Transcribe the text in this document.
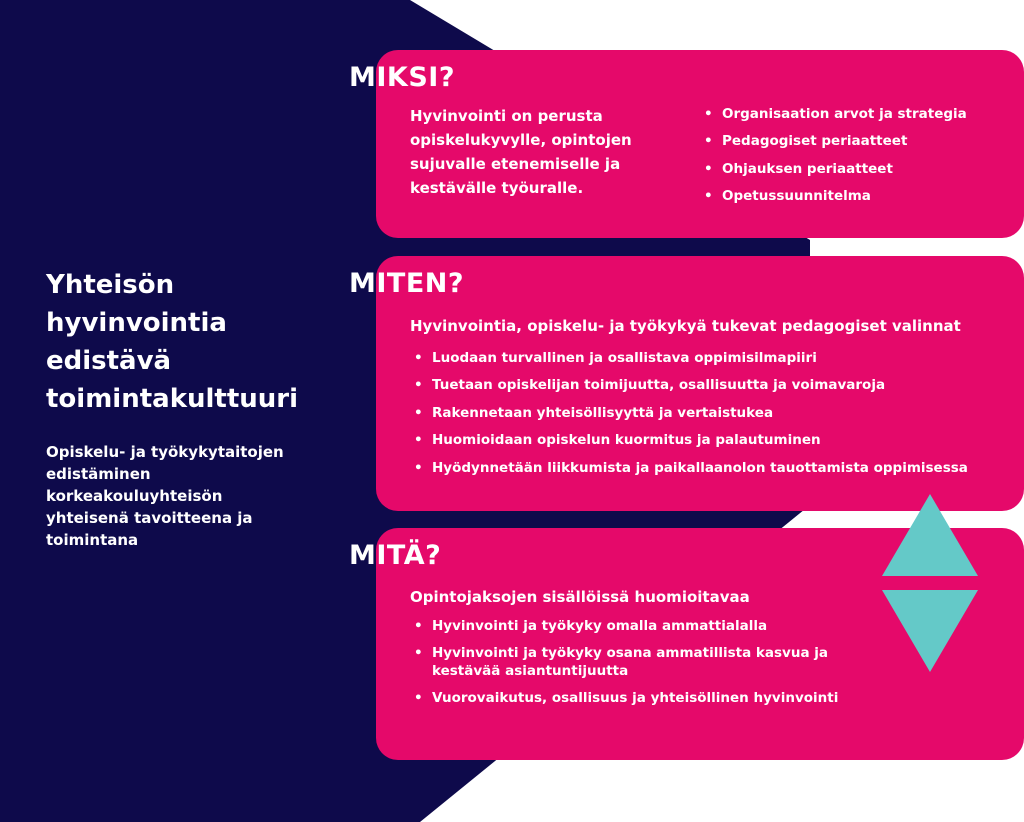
Yhteisön hyvinvointia edistävä toimintakulttuuri
Opiskelu- ja työkykytaitojen edistäminen korkeakouluyhteisön yhteisenä tavoitteena ja toimintana
MIKSI?
Hyvinvointi on perusta opiskelukyvylle, opintojen sujuvalle etenemiselle ja kestävälle työuralle.
• Organisaation arvot ja strategia
• Pedagogiset periaatteet
• Ohjauksen periaatteet
• Opetussuunnitelma
MITEN?
Hyvinvointia, opiskelu- ja työkykyä tukevat pedagogiset valinnat
• Luodaan turvallinen ja osallistava oppimisilmapiiri
• Tuetaan opiskelijan toimijuutta, osallisuutta ja voimavaroja
• Rakennetaan yhteisöllisyyttä ja vertaistukea
• Huomioidaan opiskelun kuormitus ja palautuminen
• Hyödynnetään liikkumista ja paikallaanolon tauottamista oppimisessa
MITÄ?
Opintojaksojen sisällöissä huomioitavaa
• Hyvinvointi ja työkyky omalla ammattialalla
• Hyvinvointi ja työkyky osana ammatillista kasvua ja kestävää asiantuntijuutta
• Vuorovaikutus, osallisuus ja yhteisöllinen hyvinvointi
